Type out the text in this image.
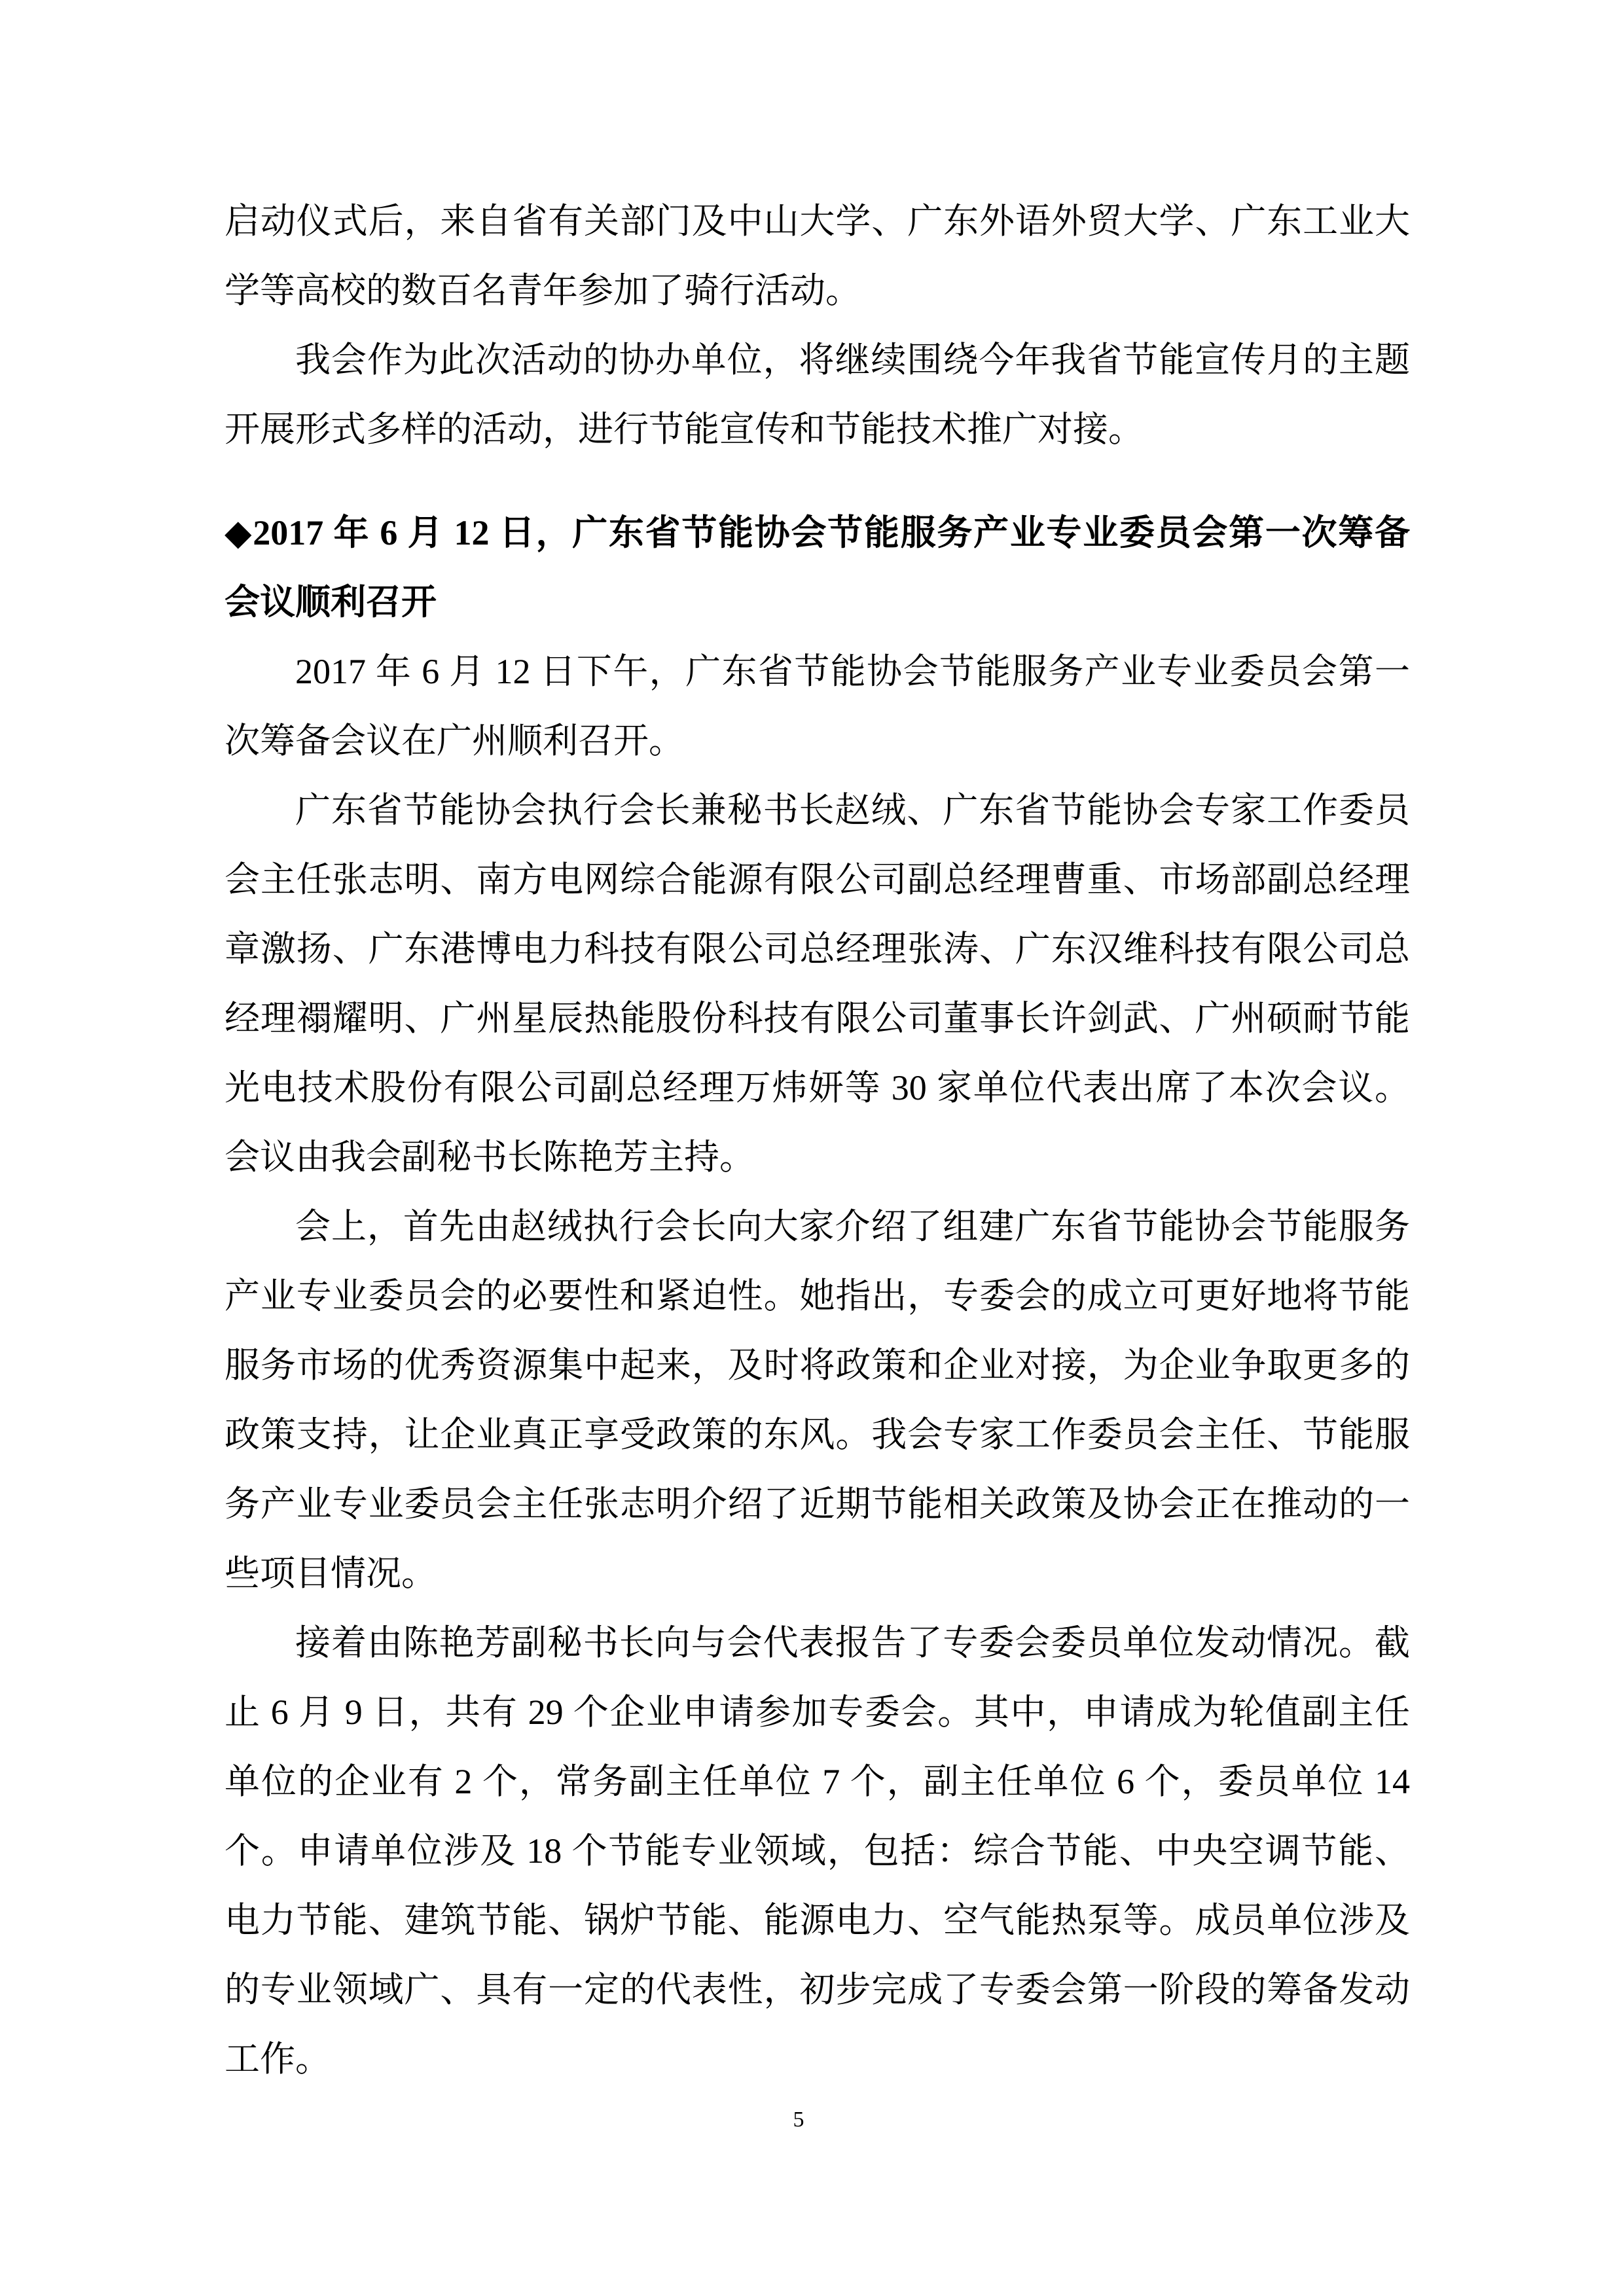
启动仪式后，来自省有关部门及中山大学、广东外语外贸大学、广东工业大
学等高校的数百名青年参加了骑行活动。
我会作为此次活动的协办单位，将继续围绕今年我省节能宣传月的主题
开展形式多样的活动，进行节能宣传和节能技术推广对接。
◆2017 年 6 月 12 日，广东省节能协会节能服务产业专业委员会第一次筹备
会议顺利召开
2017 年 6 月 12 日下午，广东省节能协会节能服务产业专业委员会第一
次筹备会议在广州顺利召开。
广东省节能协会执行会长兼秘书长赵绒、广东省节能协会专家工作委员
会主任张志明、南方电网综合能源有限公司副总经理曹重、市场部副总经理
章激扬、广东港博电力科技有限公司总经理张涛、广东汉维科技有限公司总
经理禤耀明、广州星辰热能股份科技有限公司董事长许剑武、广州硕耐节能
光电技术股份有限公司副总经理万炜妍等 30 家单位代表出席了本次会议。
会议由我会副秘书长陈艳芳主持。
会上，首先由赵绒执行会长向大家介绍了组建广东省节能协会节能服务
产业专业委员会的必要性和紧迫性。她指出，专委会的成立可更好地将节能
服务市场的优秀资源集中起来，及时将政策和企业对接，为企业争取更多的
政策支持，让企业真正享受政策的东风。我会专家工作委员会主任、节能服
务产业专业委员会主任张志明介绍了近期节能相关政策及协会正在推动的一
些项目情况。
接着由陈艳芳副秘书长向与会代表报告了专委会委员单位发动情况。截
止 6 月 9 日，共有 29 个企业申请参加专委会。其中，申请成为轮值副主任
单位的企业有 2 个，常务副主任单位 7 个，副主任单位 6 个，委员单位 14
个。申请单位涉及 18 个节能专业领域，包括：综合节能、中央空调节能、
电力节能、建筑节能、锅炉节能、能源电力、空气能热泵等。成员单位涉及
的专业领域广、具有一定的代表性，初步完成了专委会第一阶段的筹备发动
工作。
5
